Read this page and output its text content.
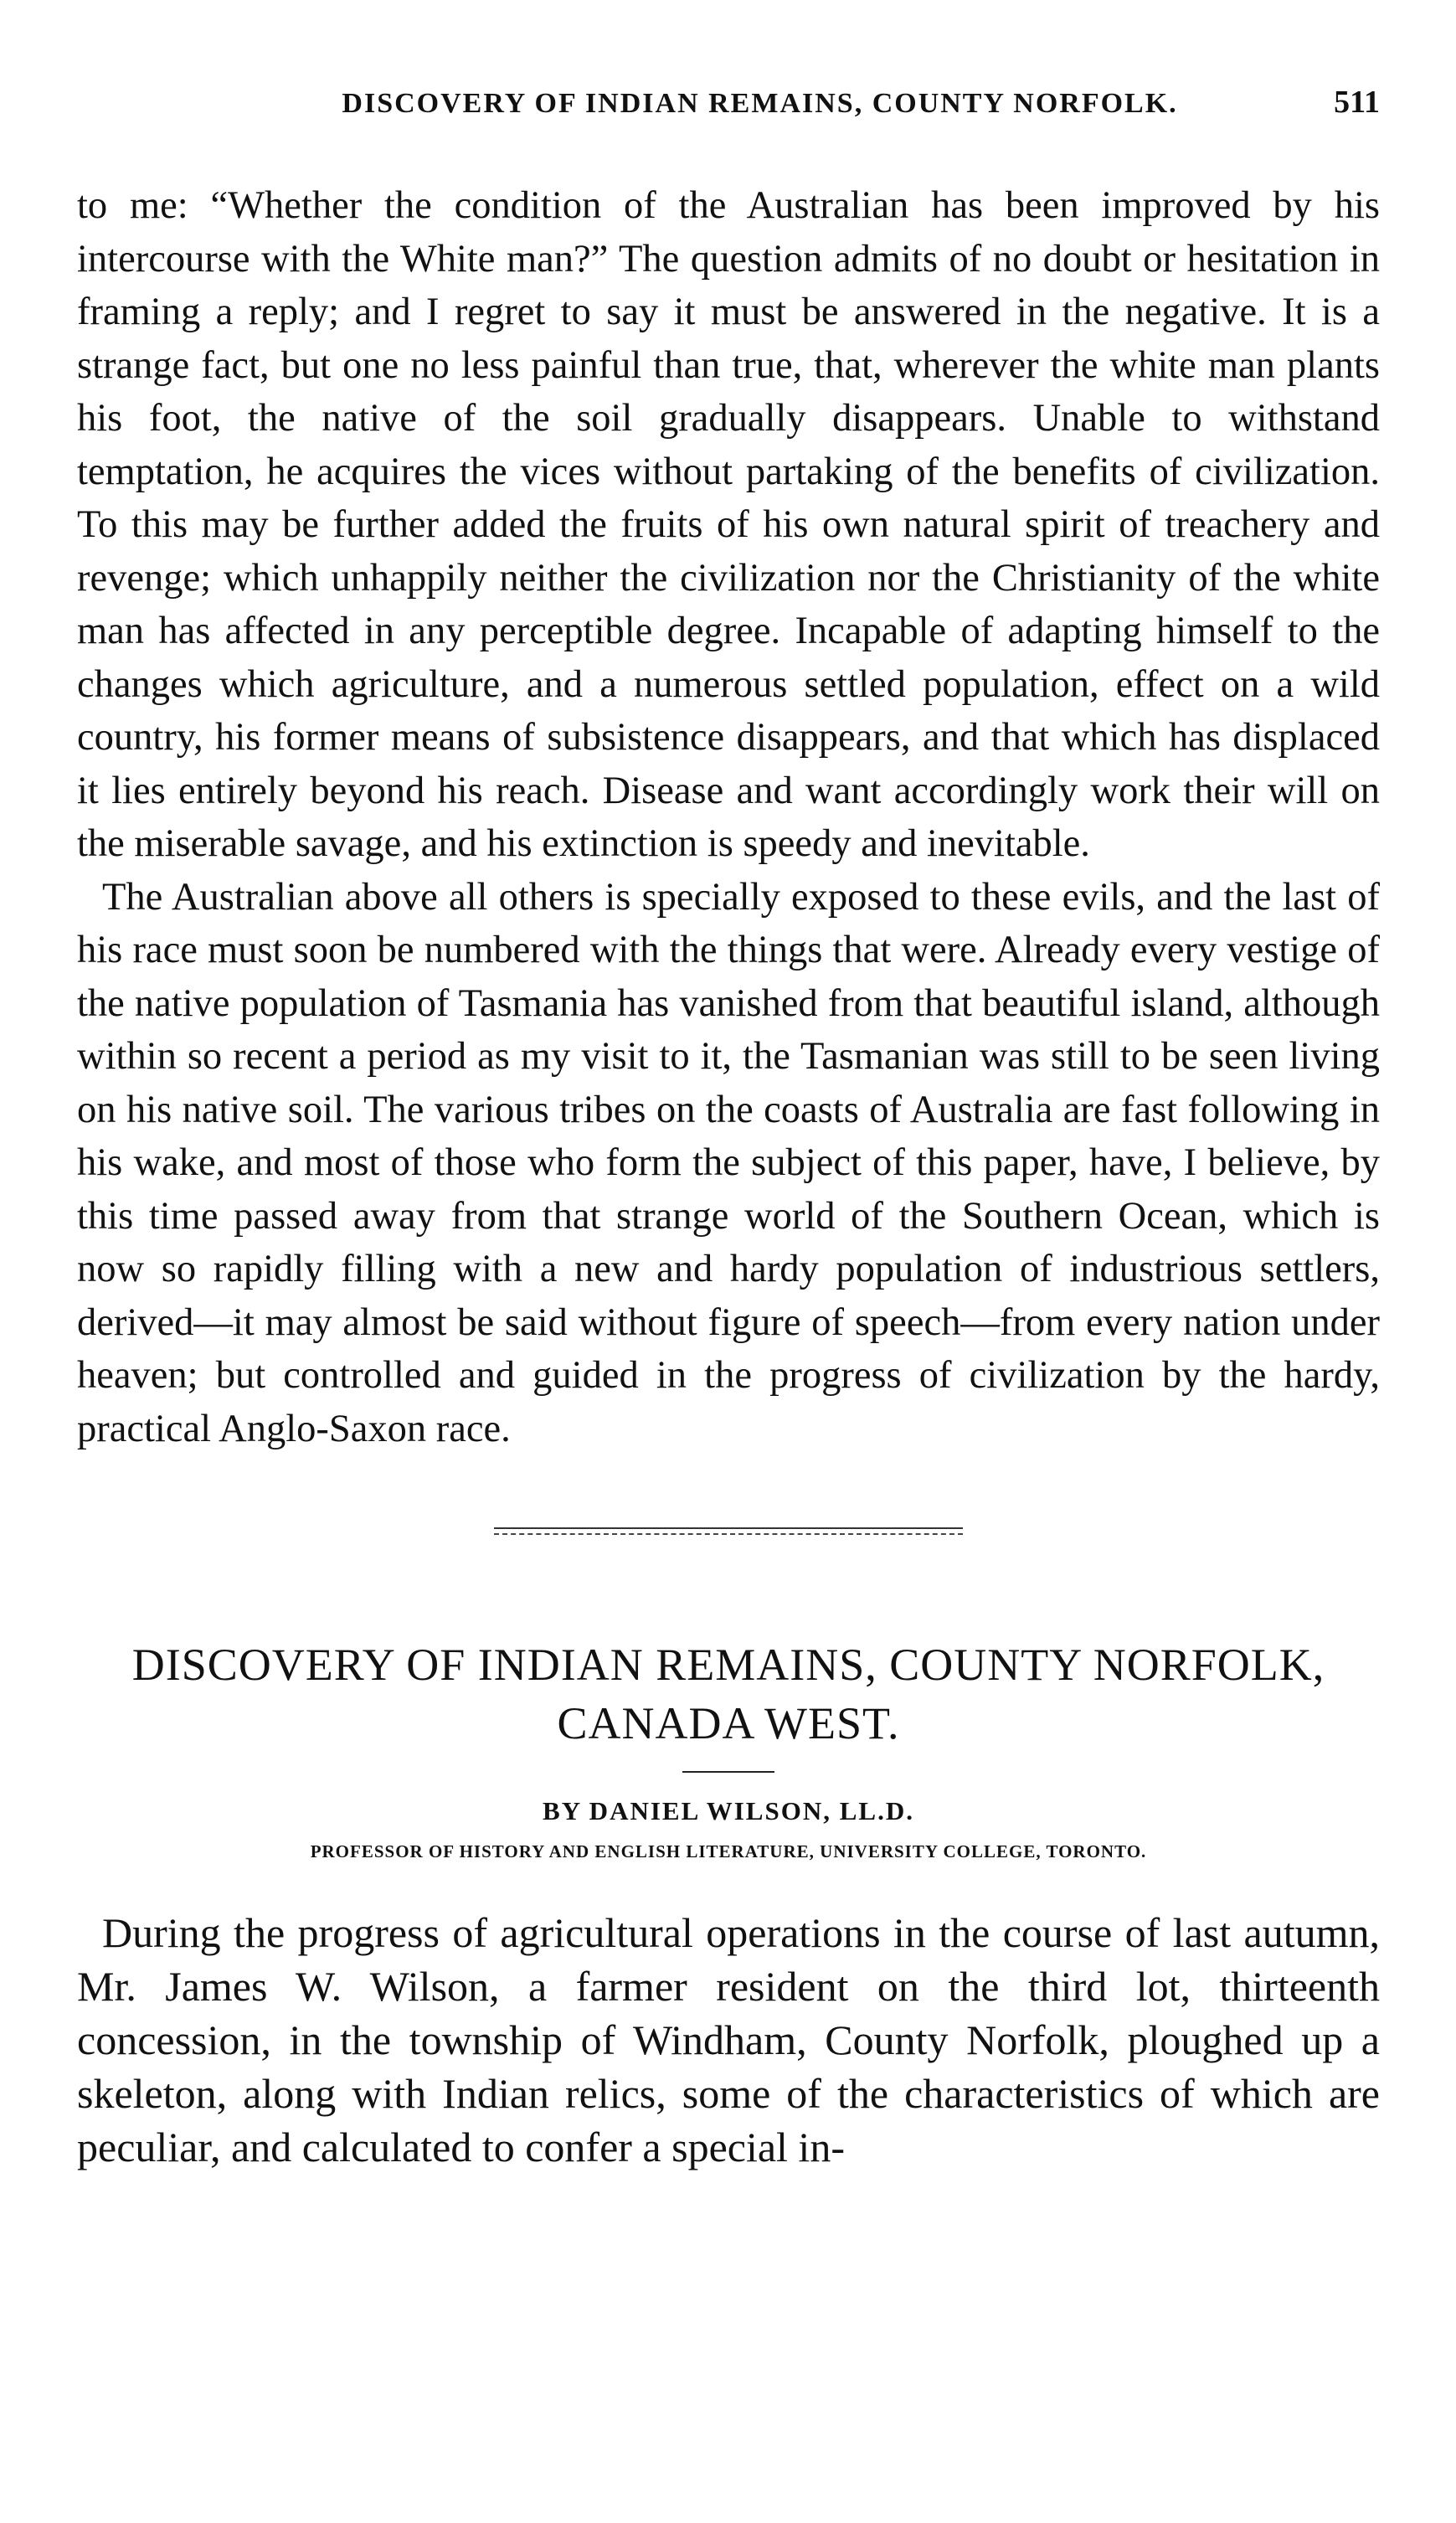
DISCOVERY OF INDIAN REMAINS, COUNTY NORFOLK.	511

to me: “Whether the condition of the Australian has been improved by his intercourse with the White man?” The question admits of no doubt or hesitation in framing a reply; and I regret to say it must be answered in the negative. It is a strange fact, but one no less painful than true, that, wherever the white man plants his foot, the native of the soil gradually disappears. Unable to withstand temptation, he acquires the vices without partaking of the benefits of civilization. To this may be further added the fruits of his own natural spirit of treachery and revenge; which unhappily neither the civilization nor the Christianity of the white man has affected in any perceptible degree. Incapable of adapting himself to the changes which agriculture, and a numerous settled population, effect on a wild country, his former means of subsistence disappears, and that which has displaced it lies entirely beyond his reach. Disease and want accordingly work their will on the miserable savage, and his extinction is speedy and inevitable.

The Australian above all others is specially exposed to these evils, and the last of his race must soon be numbered with the things that were. Already every vestige of the native population of Tasmania has vanished from that beautiful island, although within so recent a period as my visit to it, the Tasmanian was still to be seen living on his native soil. The various tribes on the coasts of Australia are fast following in his wake, and most of those who form the subject of this paper, have, I believe, by this time passed away from that strange world of the Southern Ocean, which is now so rapidly filling with a new and hardy population of industrious settlers, derived—it may almost be said without figure of speech—from every nation under heaven; but controlled and guided in the progress of civilization by the hardy, practical Anglo-Saxon race.

DISCOVERY OF INDIAN REMAINS, COUNTY NORFOLK,
CANADA WEST.
BY DANIEL WILSON, LL.D.
PROFESSOR OF HISTORY AND ENGLISH LITERATURE, UNIVERSITY COLLEGE, TORONTO.

During the progress of agricultural operations in the course of last autumn, Mr. James W. Wilson, a farmer resident on the third lot, thirteenth concession, in the township of Windham, County Norfolk, ploughed up a skeleton, along with Indian relics, some of the characteristics of which are peculiar, and calculated to confer a special in-
